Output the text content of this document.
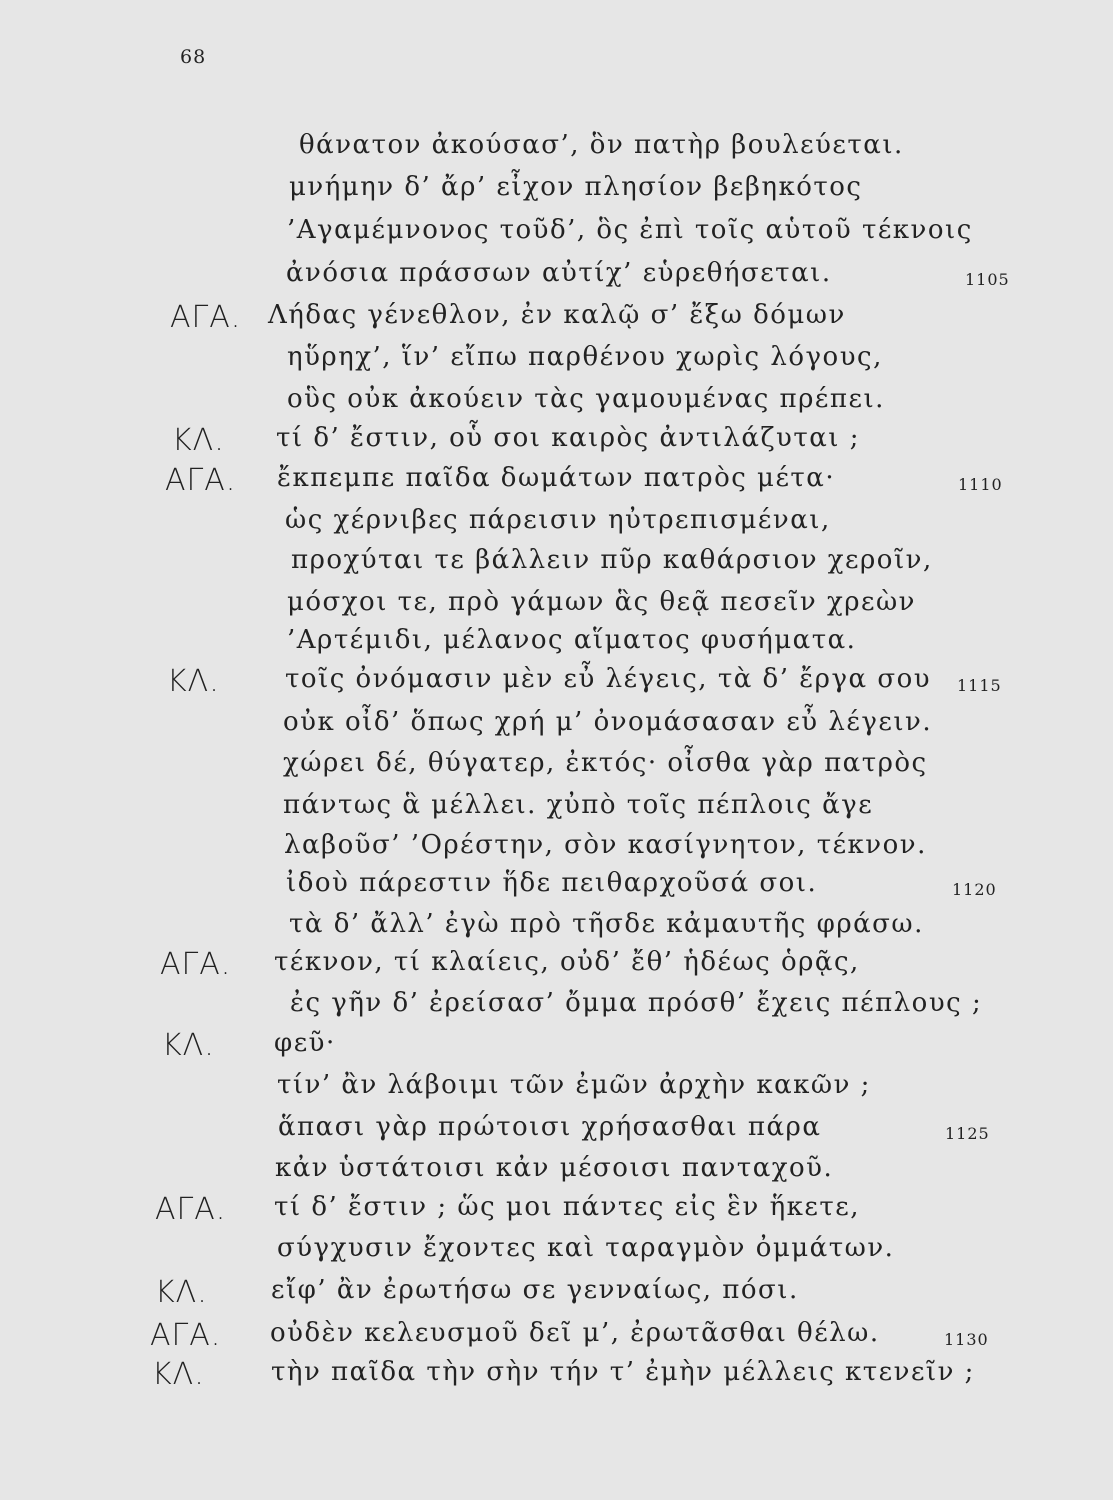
68
θάνατον ἀκούσασ’, ὃν πατὴρ βουλεύεται.
μνήμην δ’ ἄρ’ εἶχον πλησίον βεβηκότος
’Αγαμέμνονος τοῦδ’, ὃς ἐπὶ τοῖς αὑτοῦ τέκνοις
ἀνόσια πράσσων αὐτίχ’ εὑρεθήσεται.	1105
ΑΓΑ. Λήδας γένεθλον, ἐν καλῷ σ’ ἔξω δόμων
ηὕρηχ’, ἵν’ εἴπω παρθένου χωρὶς λόγους,
οὓς οὐκ ἀκούειν τὰς γαμουμένας πρέπει.
ΚΛ. τί δ’ ἔστιν, οὗ σοι καιρὸς ἀντιλάζυται ;
ΑΓΑ. ἔκπεμπε παῖδα δωμάτων πατρὸς μέτα·	1110
ὡς χέρνιβες πάρεισιν ηὐτρεπισμέναι,
προχύται τε βάλλειν πῦρ καθάρσιον χεροῖν,
μόσχοι τε, πρὸ γάμων ἃς θεᾷ πεσεῖν χρεὼν
’Αρτέμιδι, μέλανος αἵματος φυσήματα.
ΚΛ.	τοῖς ὀνόμασιν μὲν εὖ λέγεις, τὰ δ’ ἔργα σου 1115
οὐκ οἶδ’ ὅπως χρή μ’ ὀνομάσασαν εὖ λέγειν.
χώρει δέ, θύγατερ, ἐκτός· οἶσθα γὰρ πατρὸς
πάντως ἃ μέλλει. χὐπὸ τοῖς πέπλοις ἄγε
λαβοῦσ’ ’Ορέστην, σὸν κασίγνητον, τέκνον.
ἰδοὺ πάρεστιν ἥδε πειθαρχοῦσά σοι.	1120
τὰ δ’ ἄλλ’ ἐγὼ πρὸ τῆσδε κἀμαυτῆς φράσω.
ΑΓΑ. τέκνον, τί κλαίεις, οὐδ’ ἔθ’ ἡδέως ὁρᾷς,
ἐς γῆν δ’ ἐρείσασ’ ὄμμα πρόσθ’ ἔχεις πέπλους ;
ΚΛ. φεῦ·
τίν’ ἂν λάβοιμι τῶν ἐμῶν ἀρχὴν κακῶν ;
ἅπασι γὰρ πρώτοισι χρήσασθαι πάρα	1125
κἀν ὑστάτοισι κἀν μέσοισι πανταχοῦ.
ΑΓΑ. τί δ’ ἔστιν ; ὥς μοι πάντες εἰς ἓν ἥκετε,
σύγχυσιν ἔχοντες καὶ ταραγμὸν ὀμμάτων.
ΚΛ. εἴφ’ ἂν ἐρωτήσω σε γενναίως, πόσι.
ΑΓΑ. οὐδὲν κελευσμοῦ δεῖ μ’, ἐρωτᾶσθαι θέλω.	1130
ΚΛ.	τὴν παῖδα τὴν σὴν τήν τ’ ἐμὴν μέλλεις κτενεῖν ;
